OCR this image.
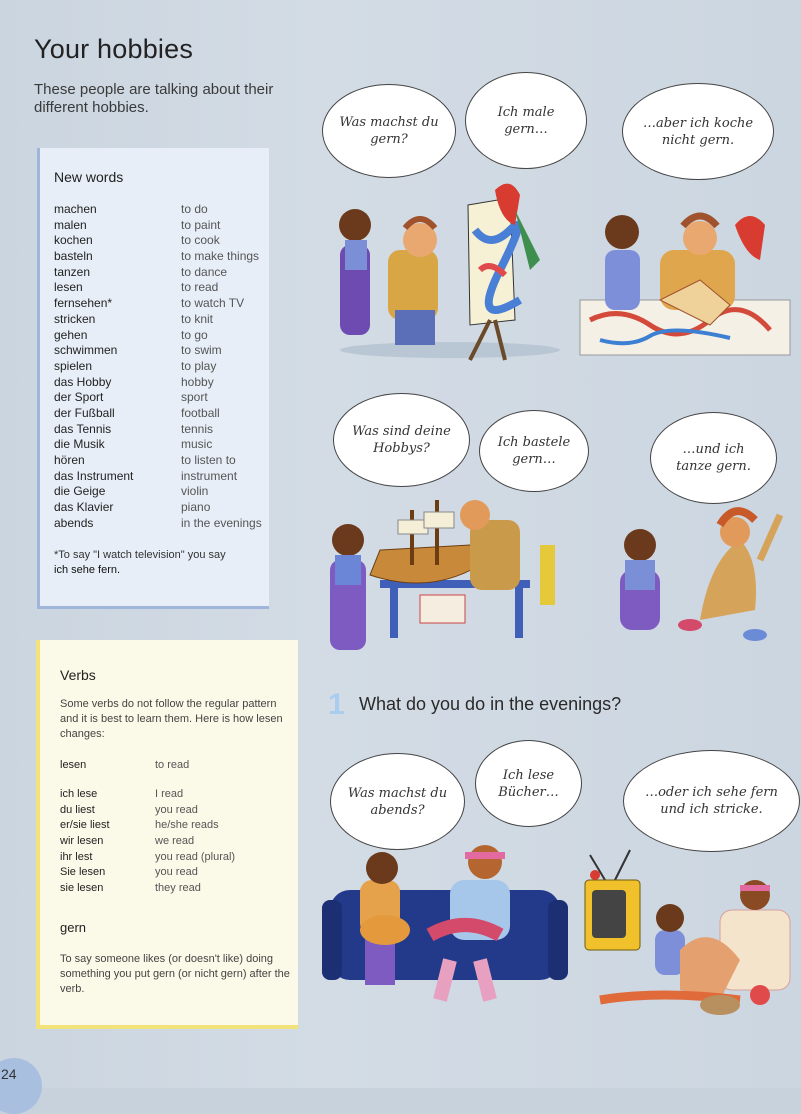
Your hobbies
These people are talking about their different hobbies.
New words
machen	to do
malen	to paint
kochen	to cook
basteln	to make things
tanzen	to dance
lesen	to read
fernsehen*	to watch TV
stricken	to knit
gehen	to go
schwimmen	to swim
spielen	to play
das Hobby	hobby
der Sport	sport
der Fußball	football
das Tennis	tennis
die Musik	music
hören	to listen to
das Instrument	instrument
die Geige	violin
das Klavier	piano
abends	in the evenings
*To say "I watch television" you say
ich sehe fern.
Verbs
Some verbs do not follow the regular pattern and it is best to learn them. Here is how lesen changes:
lesen	to read
ich lese	I read
du liest	you read
er/sie liest	he/she reads
wir lesen	we read
ihr lest	you read (plural)
Sie lesen	you read
sie lesen	they read
gern
To say someone likes (or doesn't like) doing something you put gern (or nicht gern) after the verb.
24
Was machst du gern?
Ich male gern…	…aber ich koche nicht gern.
Was sind deine Hobbys?	Ich bastele gern…
…und ich tanze gern.
Was machst du abends?
Ich lese Bücher…	…oder ich sehe fern und ich stricke.
1 What do you do in the evenings?
